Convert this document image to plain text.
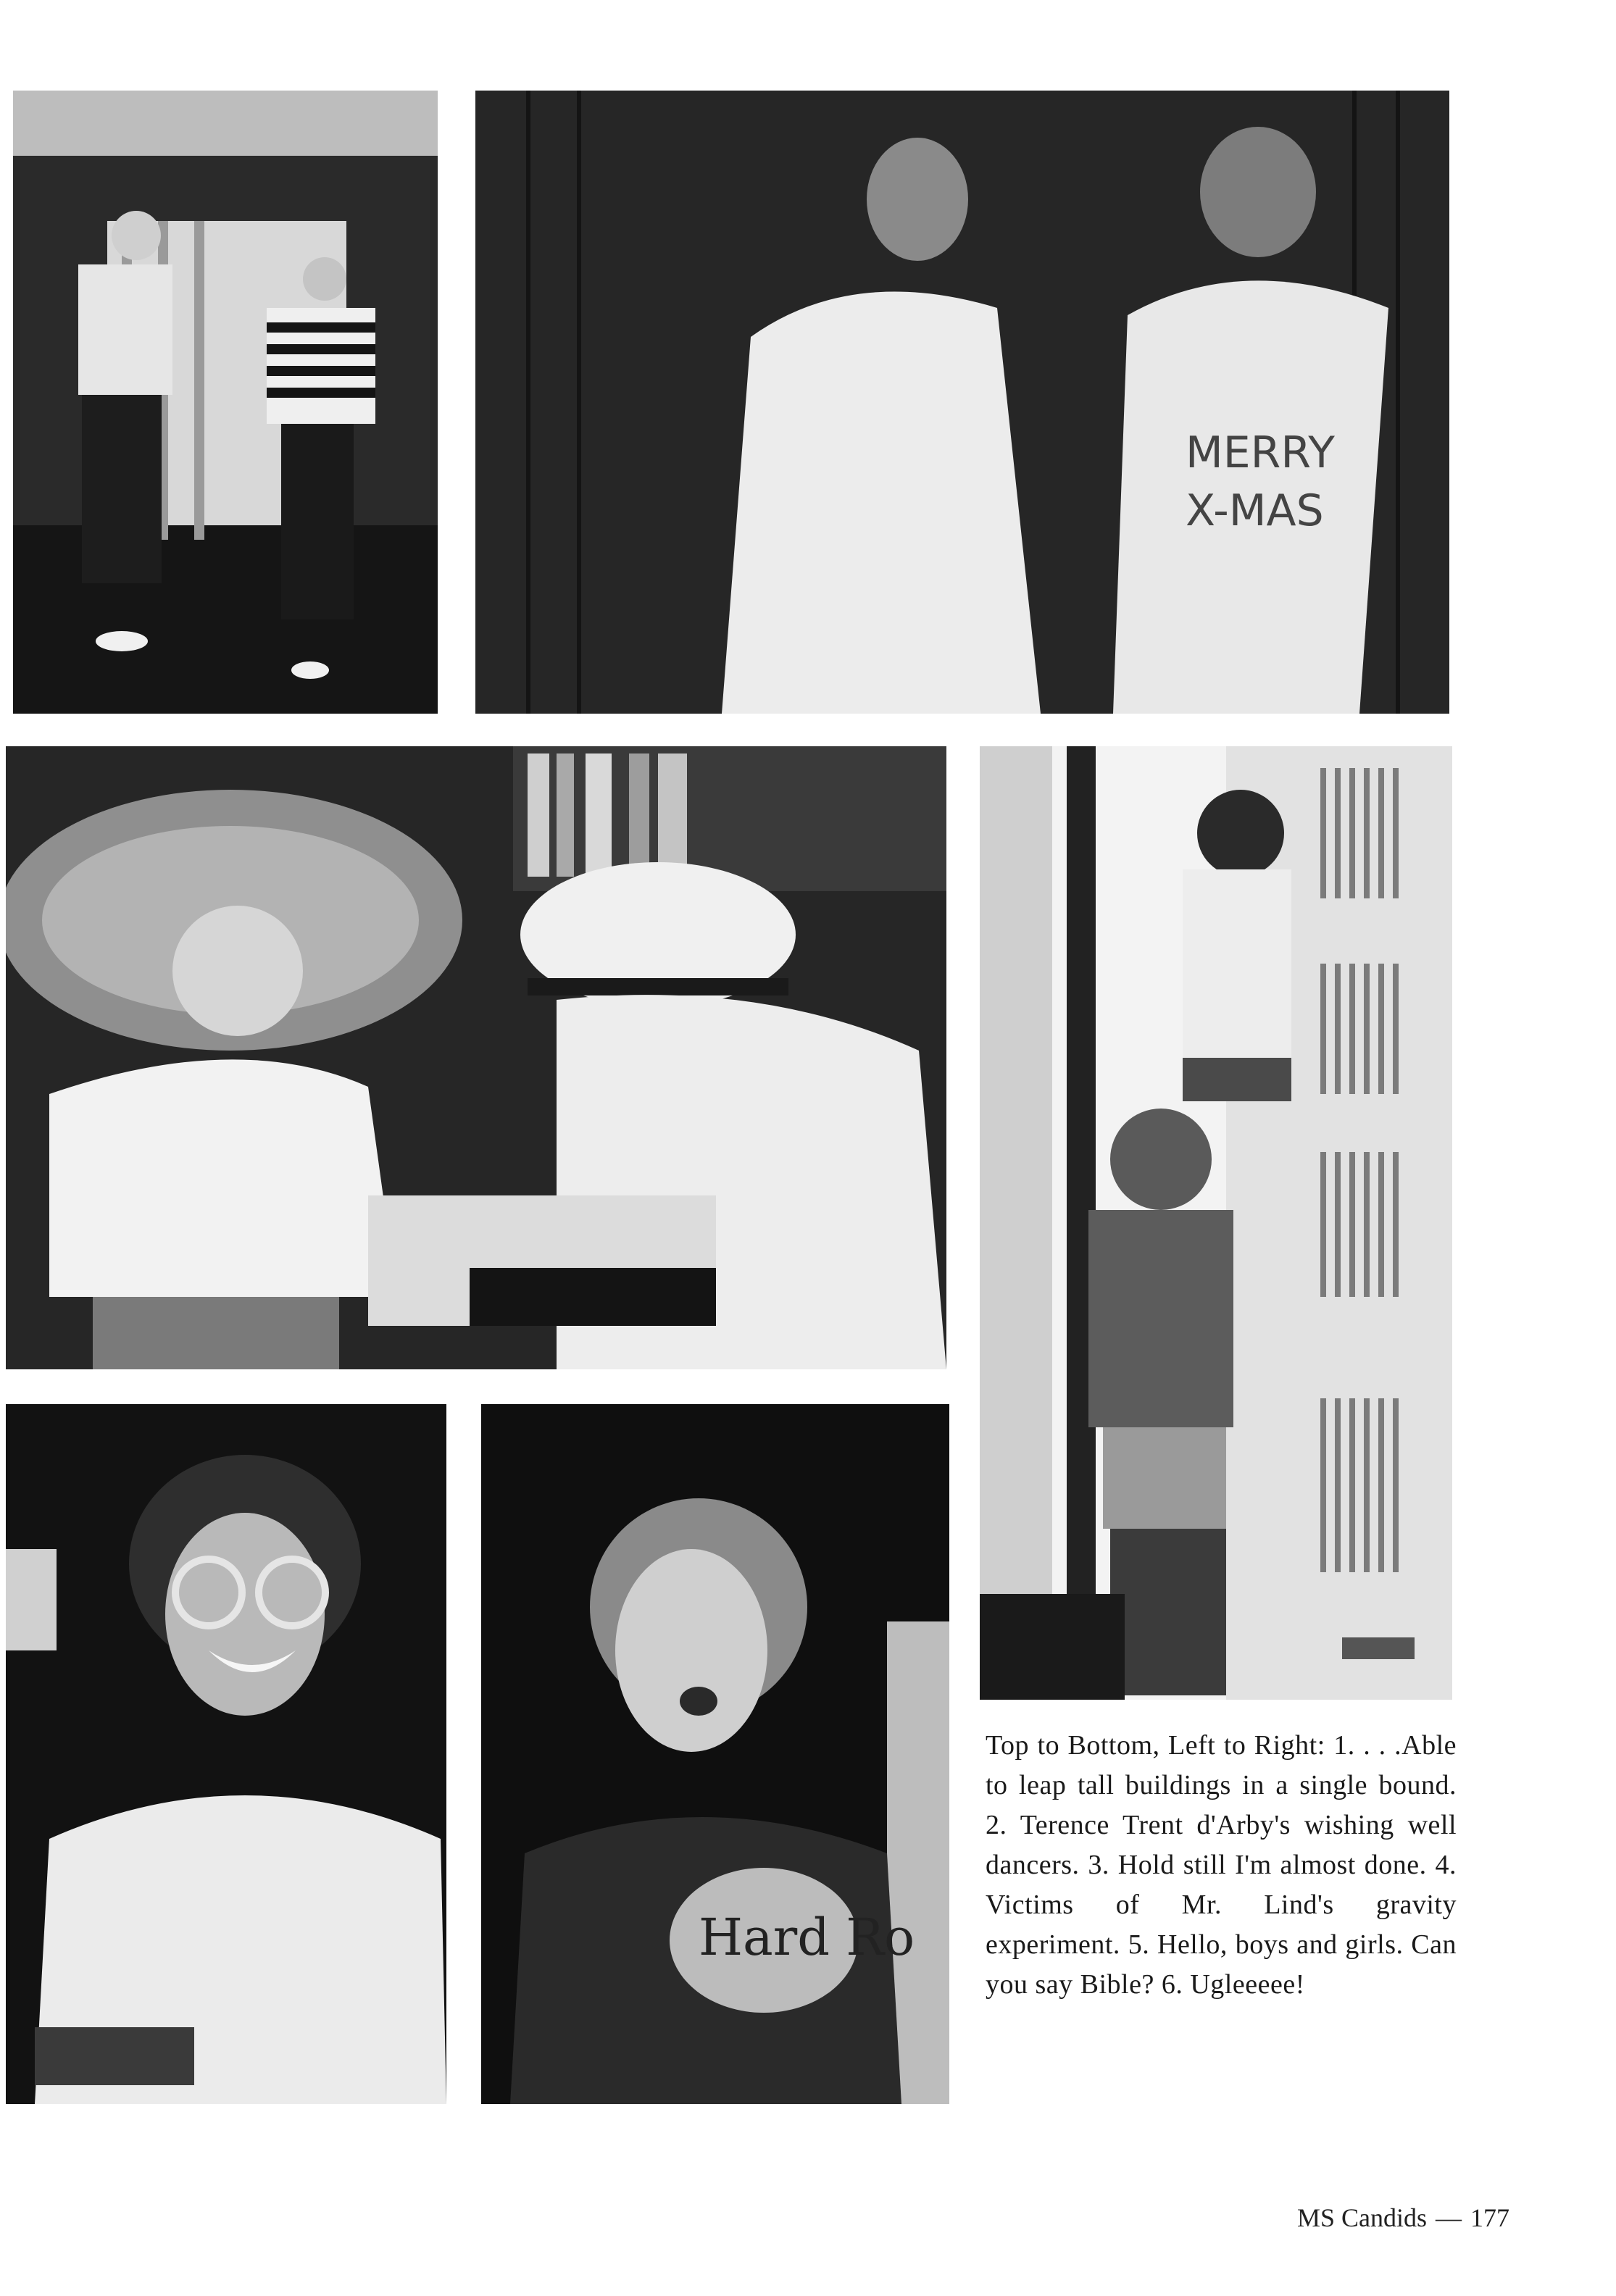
MERRY
X-MAS
Hard Ro

Top to Bottom, Left to Right: 1. . . .Able to leap tall buildings in a single bound. 2. Terence Trent d'Arby's wishing well dancers. 3. Hold still I'm almost done. 4. Victims of Mr. Lind's gravity experiment. 5. Hello, boys and girls. Can you say Bible? 6. Ugleeeee!

MS Candids — 177
